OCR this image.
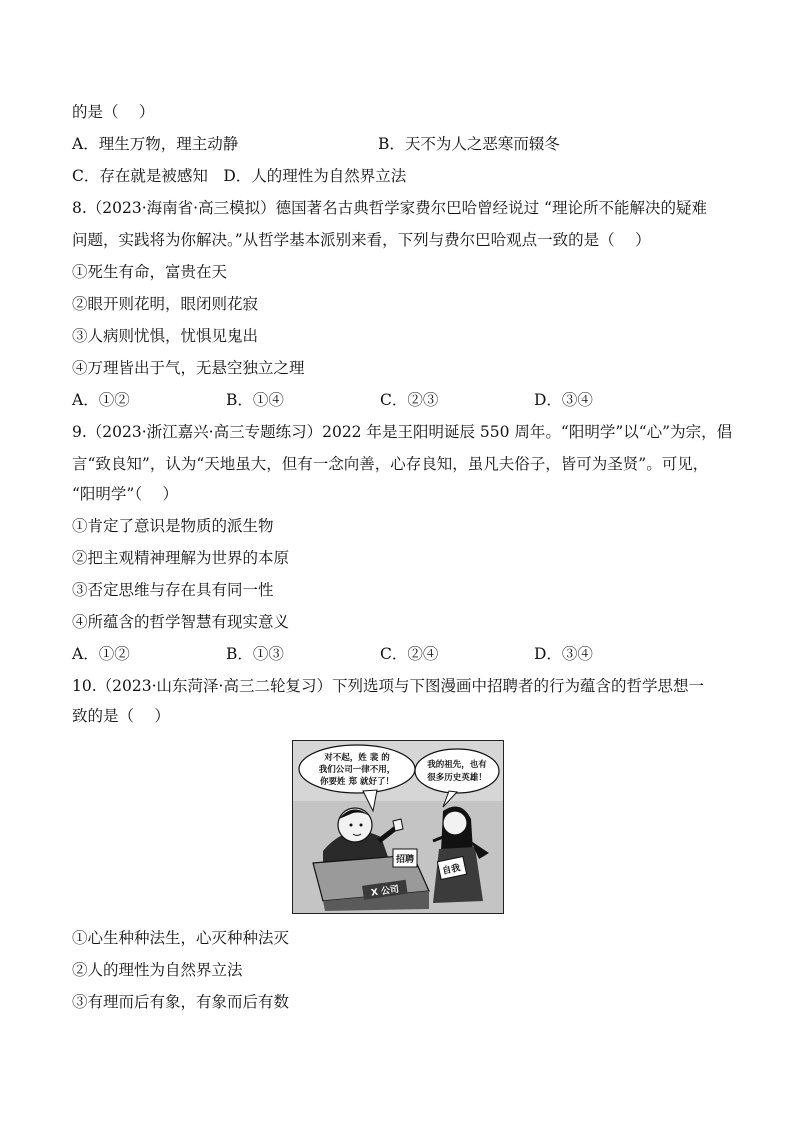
的是（　 ）
A．理生万物，理主动静	B．天不为人之恶寒而辍冬
C．存在就是被感知　D．人的理性为自然界立法
8.（2023·海南省·高三模拟）德国著名古典哲学家费尔巴哈曾经说过 “理论所不能解决的疑难
问题，实践将为你解决。”从哲学基本派别来看，下列与费尔巴哈观点一致的是（　 ）
①死生有命，富贵在天
②眼开则花明，眼闭则花寂
③人病则忧惧，忧惧见鬼出
④万理皆出于气，无悬空独立之理
A．①②	B．①④	C．②③	D．③④
9.（2023·浙江嘉兴·高三专题练习）2022 年是王阳明诞辰 550 周年。“阳明学”以“心”为宗，倡
言“致良知”，认为“天地虽大，但有一念向善，心存良知，虽凡夫俗子，皆可为圣贤”。可见，
“阳明学”（　 ）
①肯定了意识是物质的派生物
②把主观精神理解为世界的本原
③否定思维与存在具有同一性
④所蕴含的哲学智慧有现实意义
A．①②	B．①③	C．②④	D．③④
10.（2023·山东菏泽·高三二轮复习）下列选项与下图漫画中招聘者的行为蕴含的哲学思想一
致的是（　 ）
对不起，姓 裴 的
我们公司一律不用，
你要姓 郑 就好了！
我的祖先，也有
很多历史英雄！
X 公司
招聘
自我
①心生种种法生，心灭种种法灭
②人的理性为自然界立法
③有理而后有象，有象而后有数
